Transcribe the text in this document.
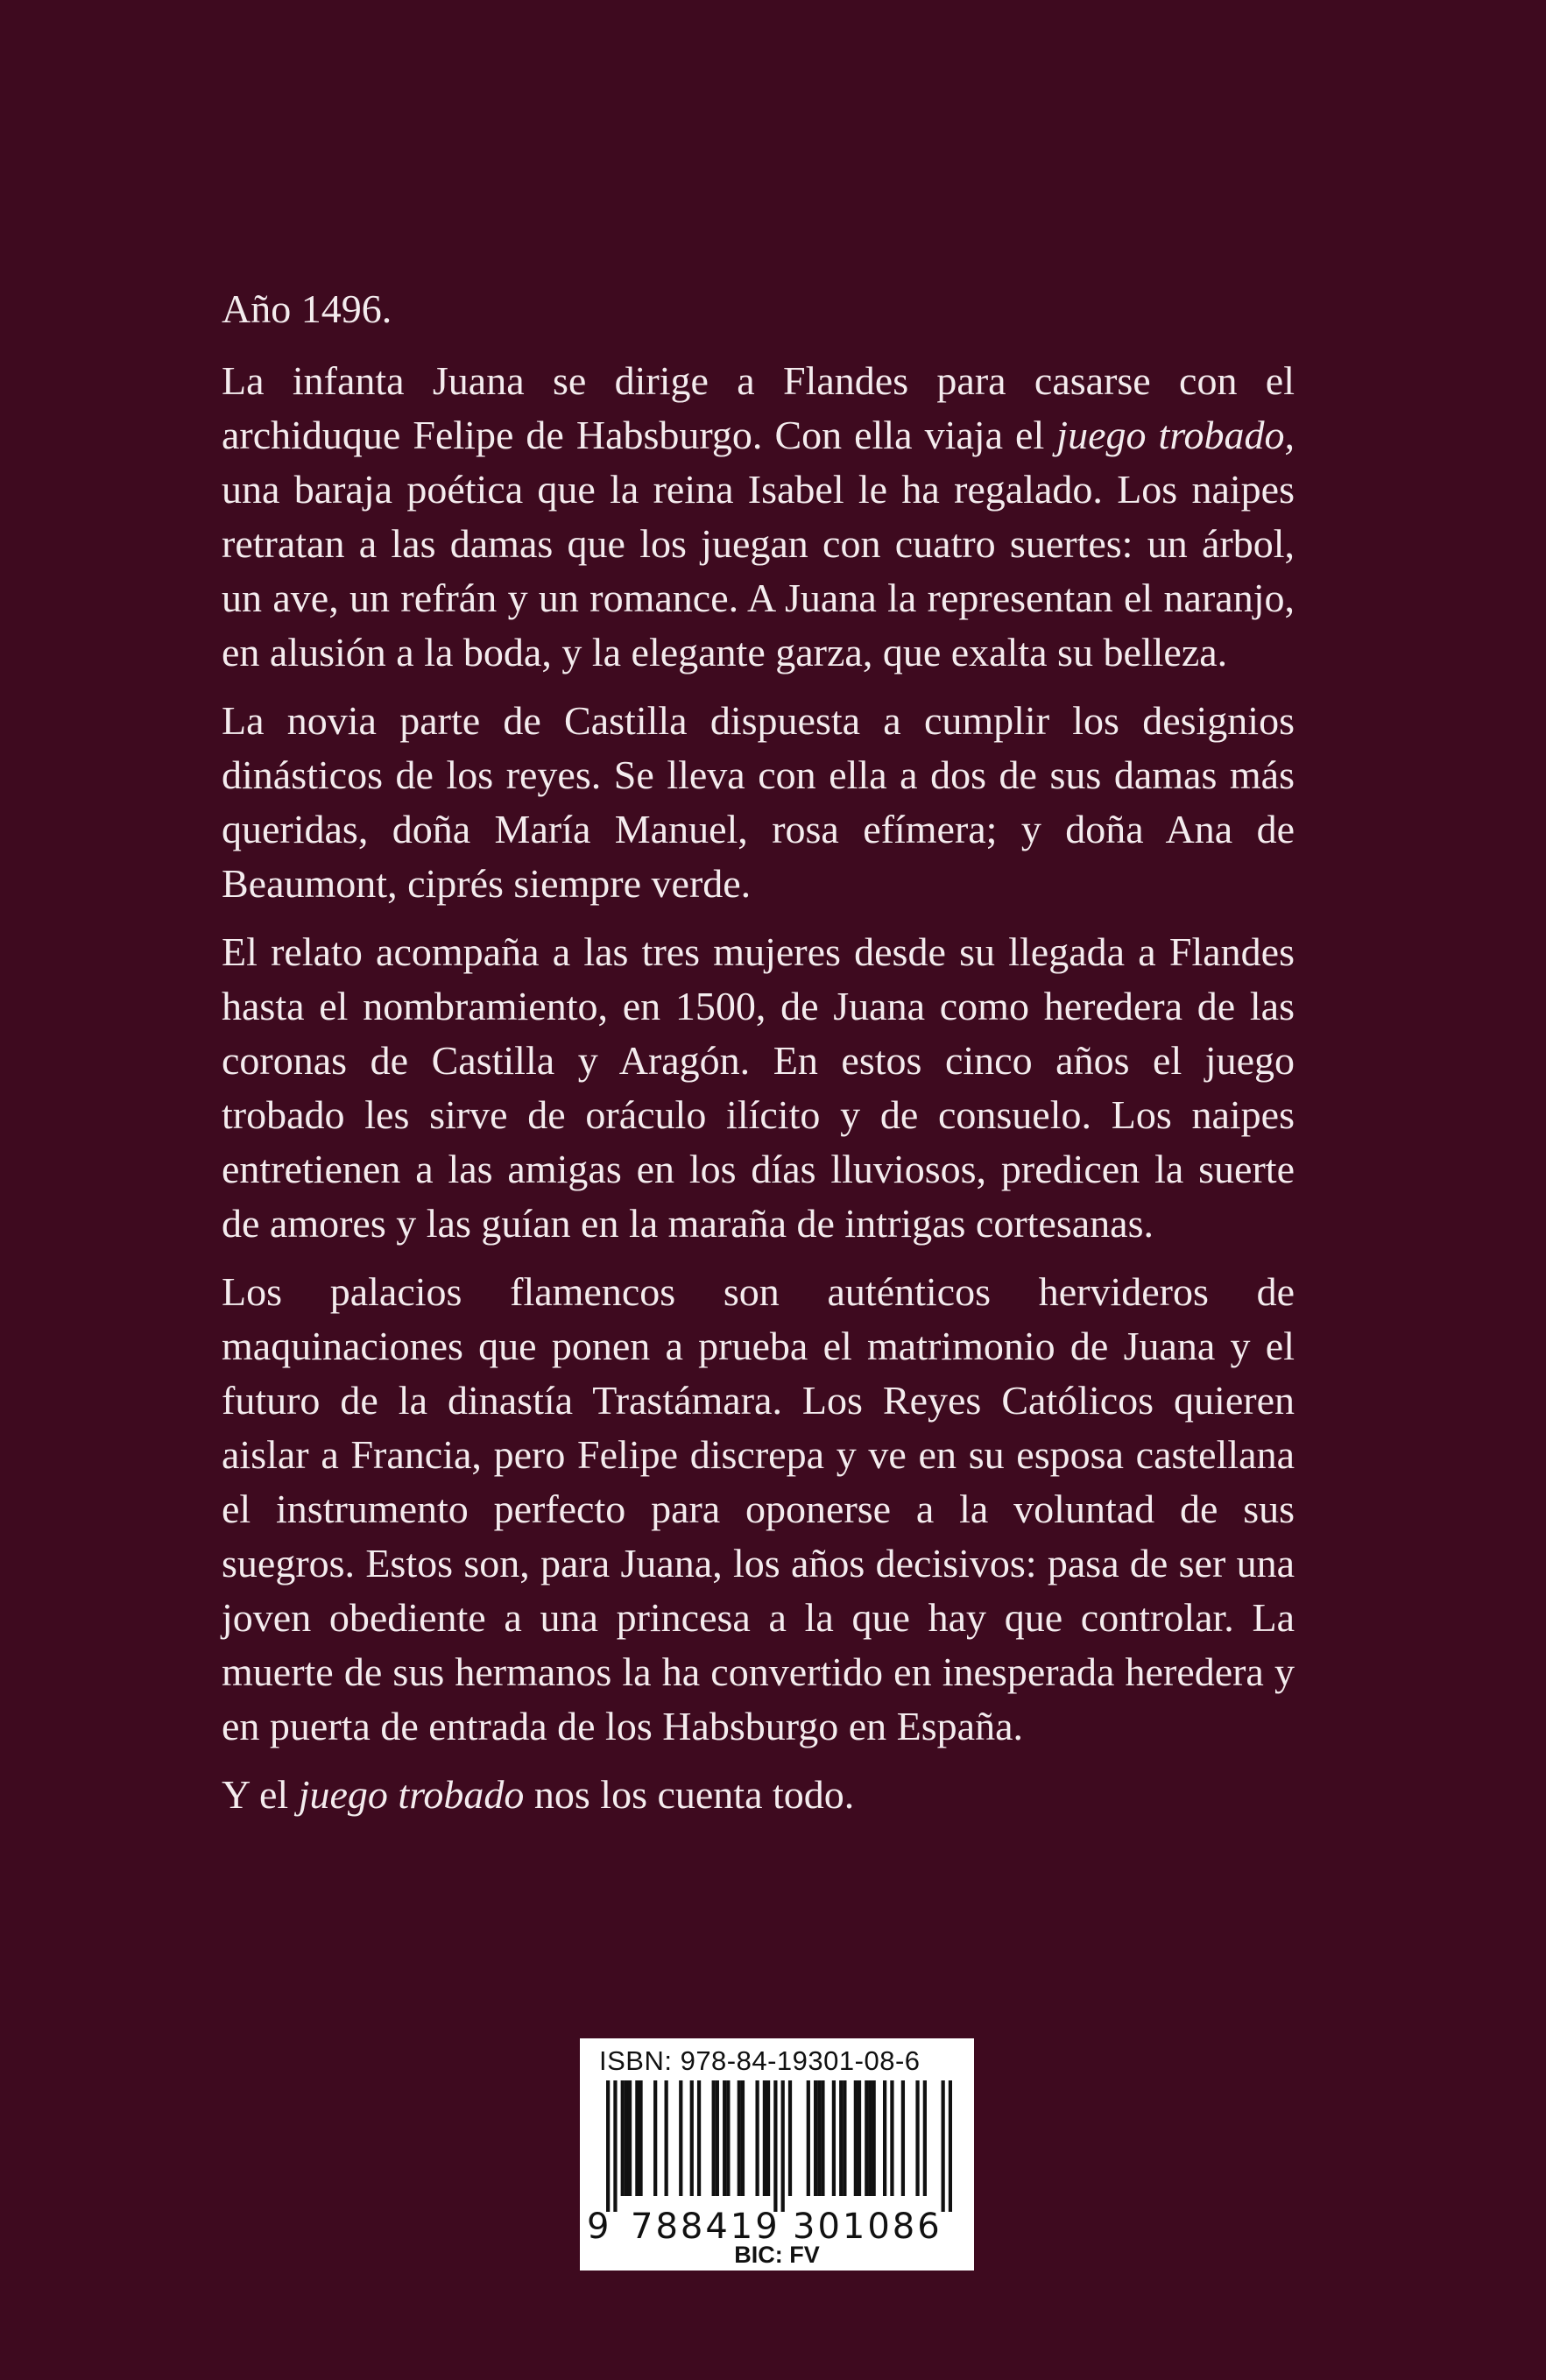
Año 1496.

La infanta Juana se dirige a Flandes para casarse con el archiduque Felipe de Habsburgo. Con ella viaja el juego trobado, una baraja poética que la reina Isabel le ha regalado. Los naipes retratan a las damas que los juegan con cuatro suertes: un árbol, un ave, un refrán y un romance. A Juana la representan el naranjo, en alusión a la boda, y la elegante garza, que exalta su belleza.

La novia parte de Castilla dispuesta a cumplir los designios dinásticos de los reyes. Se lleva con ella a dos de sus damas más queridas, doña María Manuel, rosa efímera; y doña Ana de Beaumont, ciprés siempre verde.

El relato acompaña a las tres mujeres desde su llegada a Flandes hasta el nombramiento, en 1500, de Juana como heredera de las coronas de Castilla y Aragón. En estos cinco años el juego trobado les sirve de oráculo ilícito y de consuelo. Los naipes entretienen a las amigas en los días lluviosos, predicen la suerte de amores y las guían en la maraña de intrigas cortesanas.

Los palacios flamencos son auténticos hervideros de maquinaciones que ponen a prueba el matrimonio de Juana y el futuro de la dinastía Trastámara. Los Reyes Católicos quieren aislar a Francia, pero Felipe discrepa y ve en su esposa castellana el instrumento perfecto para oponerse a la voluntad de sus suegros. Estos son, para Juana, los años decisivos: pasa de ser una joven obediente a una princesa a la que hay que controlar. La muerte de sus hermanos la ha convertido en inesperada heredera y en puerta de entrada de los Habsburgo en España.

Y el juego trobado nos los cuenta todo.

ISBN: 978-84-19301-08-6
9 788419 301086
BIC: FV
